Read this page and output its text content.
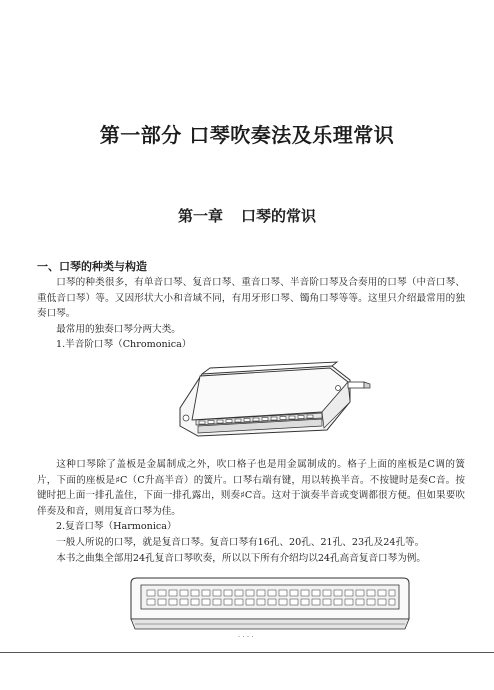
第一部分 口琴吹奏法及乐理常识
第一章 口琴的常识
一、口琴的种类与构造

口琴的种类很多，有单音口琴、复音口琴、重音口琴、半音阶口琴及合奏用的口琴（中音口琴、重低音口琴）等。又因形状大小和音域不同，有用牙形口琴、镯角口琴等等。这里只介绍最常用的独奏口琴。

最常用的独奏口琴分两大类。

1.半音阶口琴（Chromonica）

这种口琴除了盖板是金属制成之外，吹口格子也是用金属制成的。格子上面的座板是C调的簧片，下面的座板是♯C（C升高半音）的簧片。口琴右端有键，用以转换半音。不按键时是奏C音。按键时把上面一排孔盖住，下面一排孔露出，则奏♯C音。这对于演奏半音或变调都很方便。但如果要吹伴奏及和音，则用复音口琴为佳。

2.复音口琴（Harmonica）

一般人所说的口琴，就是复音口琴。复音口琴有16孔、20孔、21孔、23孔及24孔等。

本书之曲集全部用24孔复音口琴吹奏，所以以下所有介绍均以24孔高音复音口琴为例。

· · · ·
